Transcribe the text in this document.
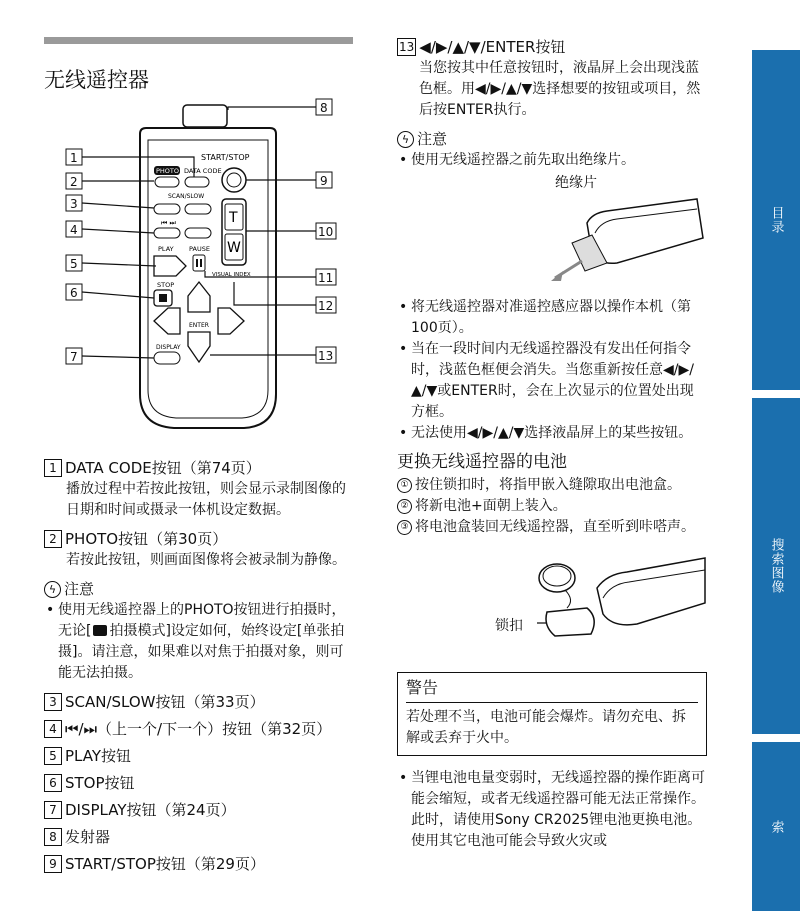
无线遥控器
START/STOP
PHOTO DATA CODE
SCAN/SLOW
⏮ ⏭	T
W
PLAY PAUSE
VISUAL INDEX
STOP
ENTER
DISPLAY
8
1
2
3
4
5
6
7
9
10
11
12
13
1 DATA CODE按钮（第74页）
播放过程中若按此按钮，则会显示录制图像的日期和时间或摄录一体机设定数据。
2 PHOTO按钮（第30页）
若按此按钮，则画面图像将会被录制为静像。
ϟ 注意
• 使用无线遥控器上的PHOTO按钮进行拍摄时，无论[ 拍摄模式]设定如何，始终设定[单张拍摄]。请注意，如果难以对焦于拍摄对象，则可能无法拍摄。
3 SCAN/SLOW按钮（第33页）
4 ⏮/⏭（上一个/下一个）按钮（第32页）
5 PLAY按钮
6 STOP按钮
7 DISPLAY按钮（第24页）
8 发射器
9 START/STOP按钮（第29页）
13 ◀/▶/▲/▼/ENTER按钮
当您按其中任意按钮时，液晶屏上会出现浅蓝色框。用◀/▶/▲/▼选择想要的按钮或项目，然后按ENTER执行。
ϟ 注意
• 使用无线遥控器之前先取出绝缘片。
绝缘片
• 将无线遥控器对准遥控感应器以操作本机（第100页）。
• 当在一段时间内无线遥控器没有发出任何指令时，浅蓝色框便会消失。当您重新按任意◀/▶/▲/▼或ENTER时，会在上次显示的位置处出现方框。
• 无法使用◀/▶/▲/▼选择液晶屏上的某些按钮。
更换无线遥控器的电池
① 按住锁扣时，将指甲嵌入缝隙取出电池盒。
② 将新电池+面朝上装入。
③ 将电池盒装回无线遥控器，直至听到咔嗒声。
锁扣
警告
若处理不当，电池可能会爆炸。请勿充电、拆解或丢弃于火中。
• 当锂电池电量变弱时，无线遥控器的操作距离可能会缩短，或者无线遥控器可能无法正常操作。此时，请使用Sony CR2025锂电池更换电池。使用其它电池可能会导致火灾或
目录
搜索图像
索
